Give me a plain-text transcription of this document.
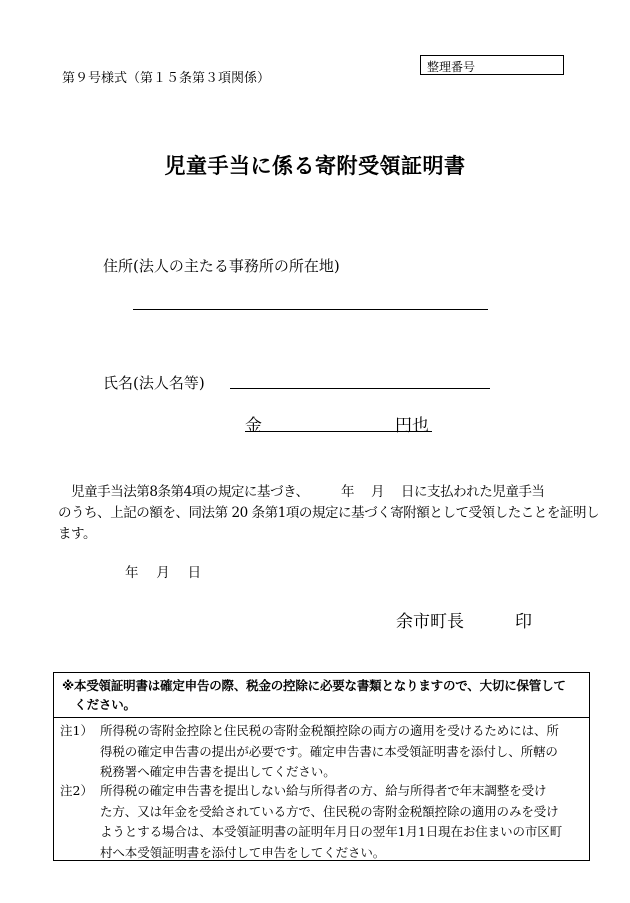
第９号様式（第１５条第３項関係）
整理番号
児童手当に係る寄附受領証明書
住所(法人の主たる事務所の所在地)
氏名(法人名等)
金	円也

　児童手当法第8条第4項の規定に基づき、　　　年　 月　 日に支払われた児童手当
のうち、上記の額を、同法第 20 条第1項の規定に基づく寄附額として受領したことを証明し
ます。

年　 月　 日
余市町長　　　	印

※本受領証明書は確定申告の際、税金の控除に必要な書類となりますので、大切に保管して
　ください。

注1） 所得税の寄附金控除と住民税の寄附金税額控除の両方の適用を受けるためには、所
得税の確定申告書の提出が必要です。確定申告書に本受領証明書を添付し、所轄の
税務署へ確定申告書を提出してください。

注2） 所得税の確定申告書を提出しない給与所得者の方、給与所得者で年末調整を受け
た方、又は年金を受給されている方で、住民税の寄附金税額控除の適用のみを受け
ようとする場合は、本受領証明書の証明年月日の翌年1月1日現在お住まいの市区町
村へ本受領証明書を添付して申告をしてください。
